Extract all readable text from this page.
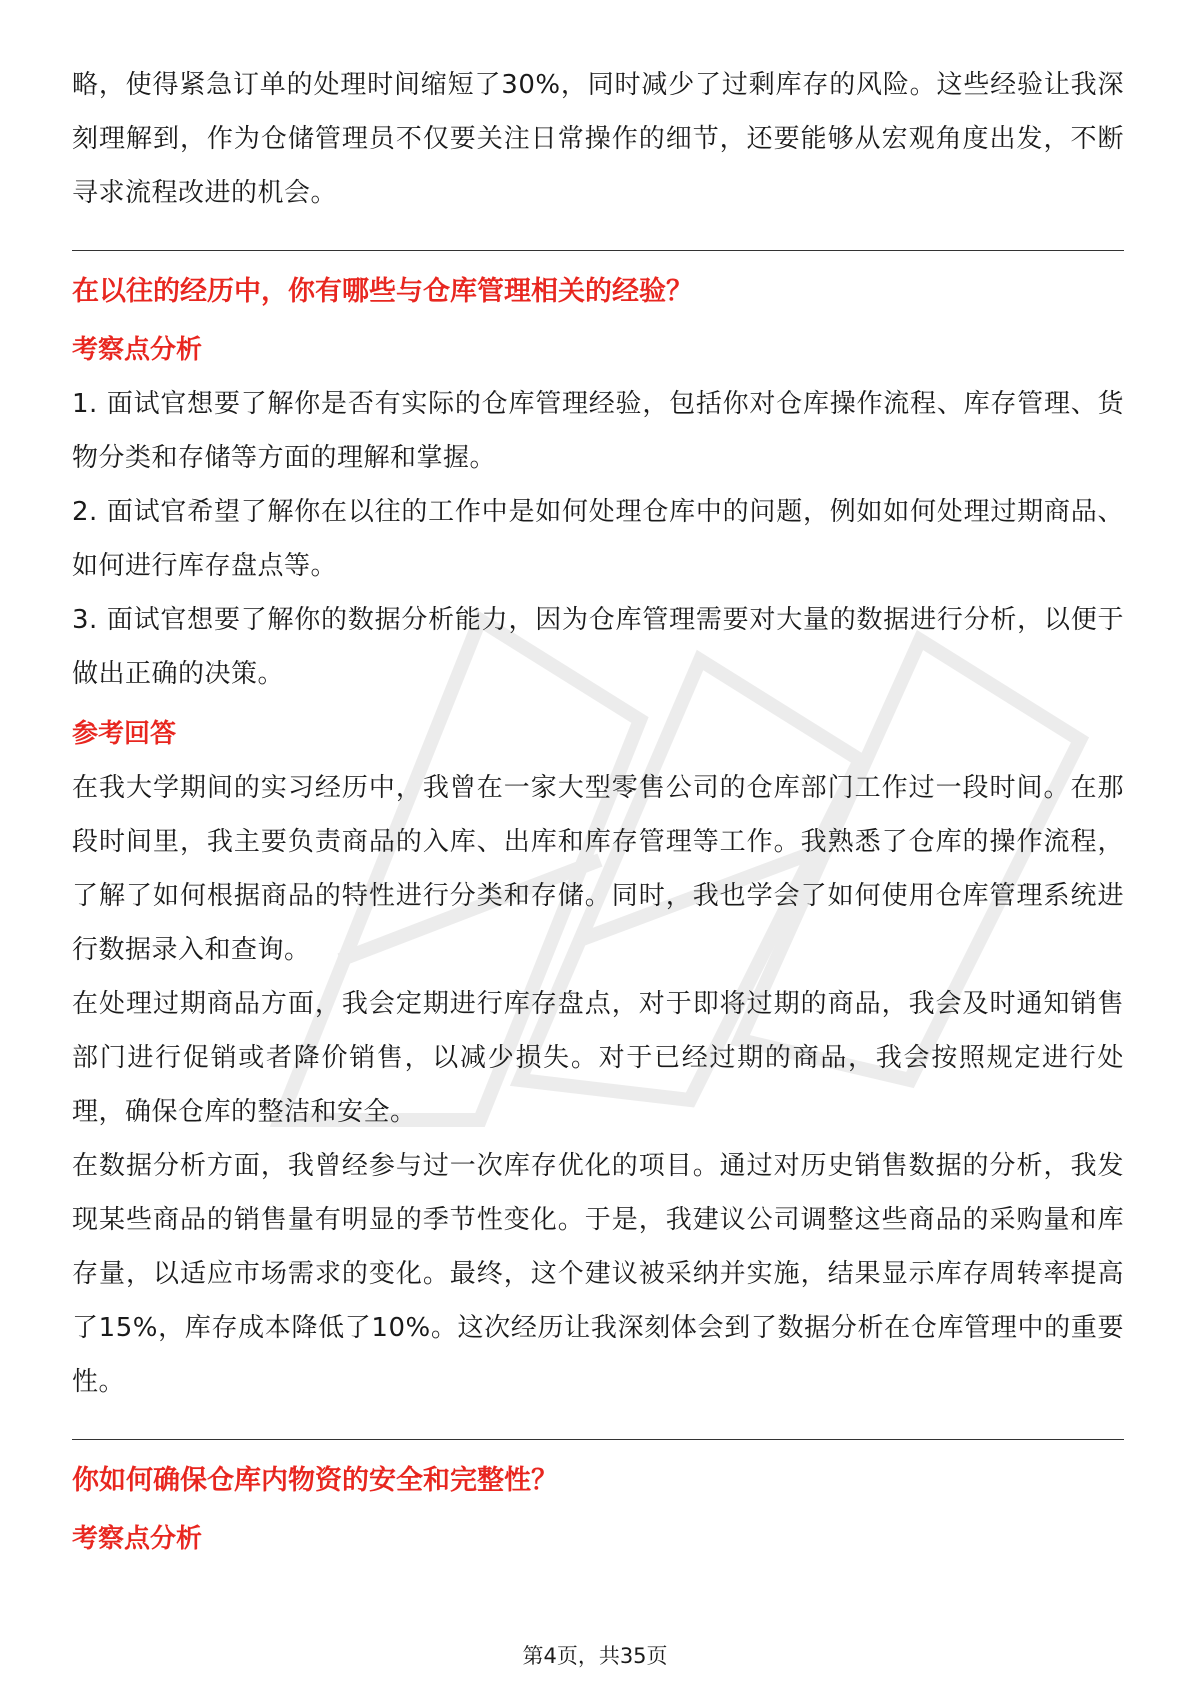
略，使得紧急订单的处理时间缩短了30%，同时减少了过剩库存的风险。这些经验让我深刻理解到，作为仓储管理员不仅要关注日常操作的细节，还要能够从宏观角度出发，不断寻求流程改进的机会。

在以往的经历中，你有哪些与仓库管理相关的经验？

考察点分析

1. 面试官想要了解你是否有实际的仓库管理经验，包括你对仓库操作流程、库存管理、货物分类和存储等方面的理解和掌握。

2. 面试官希望了解你在以往的工作中是如何处理仓库中的问题，例如如何处理过期商品、如何进行库存盘点等。

3. 面试官想要了解你的数据分析能力，因为仓库管理需要对大量的数据进行分析，以便于做出正确的决策。

参考回答

在我大学期间的实习经历中，我曾在一家大型零售公司的仓库部门工作过一段时间。在那段时间里，我主要负责商品的入库、出库和库存管理等工作。我熟悉了仓库的操作流程，了解了如何根据商品的特性进行分类和存储。同时，我也学会了如何使用仓库管理系统进行数据录入和查询。

在处理过期商品方面，我会定期进行库存盘点，对于即将过期的商品，我会及时通知销售部门进行促销或者降价销售，以减少损失。对于已经过期的商品，我会按照规定进行处理，确保仓库的整洁和安全。

在数据分析方面，我曾经参与过一次库存优化的项目。通过对历史销售数据的分析，我发现某些商品的销售量有明显的季节性变化。于是，我建议公司调整这些商品的采购量和库存量，以适应市场需求的变化。最终，这个建议被采纳并实施，结果显示库存周转率提高了15%，库存成本降低了10%。这次经历让我深刻体会到了数据分析在仓库管理中的重要性。

你如何确保仓库内物资的安全和完整性？

考察点分析

第4页，共35页
